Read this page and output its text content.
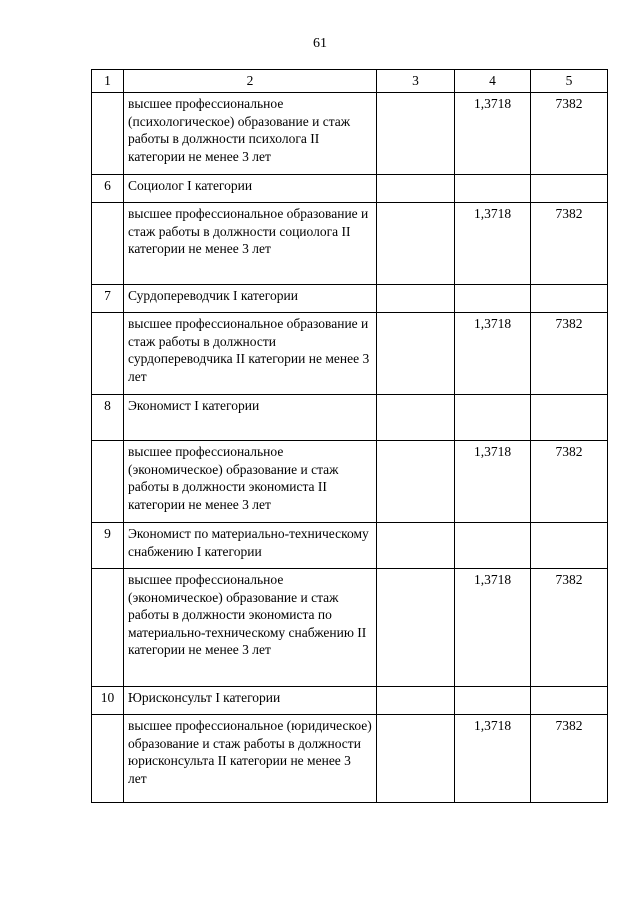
61
1	2	3	4	5
	высшее профессиональное (психологическое) образование и стаж работы в должности психолога II категории не менее 3 лет		1,3718	7382
6	Социолог I категории			
	высшее профессиональное образование и стаж работы в должности социолога II категории не менее 3 лет		1,3718	7382
7	Сурдопереводчик I категории			
	высшее профессиональное образование и стаж работы в должности сурдопереводчика II категории не менее 3 лет		1,3718	7382
8	Экономист I категории			
	высшее профессиональное (экономическое) образование и стаж работы в должности экономиста II категории не менее 3 лет		1,3718	7382
9	Экономист по материально-техническому снабжению I категории			
	высшее профессиональное (экономическое) образование и стаж работы в должности экономиста по материально-техническому снабжению II категории не менее 3 лет		1,3718	7382
10	Юрисконсульт I категории			
	высшее профессиональное (юридическое) образование и стаж работы в должности юрисконсульта II категории не менее 3 лет		1,3718	7382
